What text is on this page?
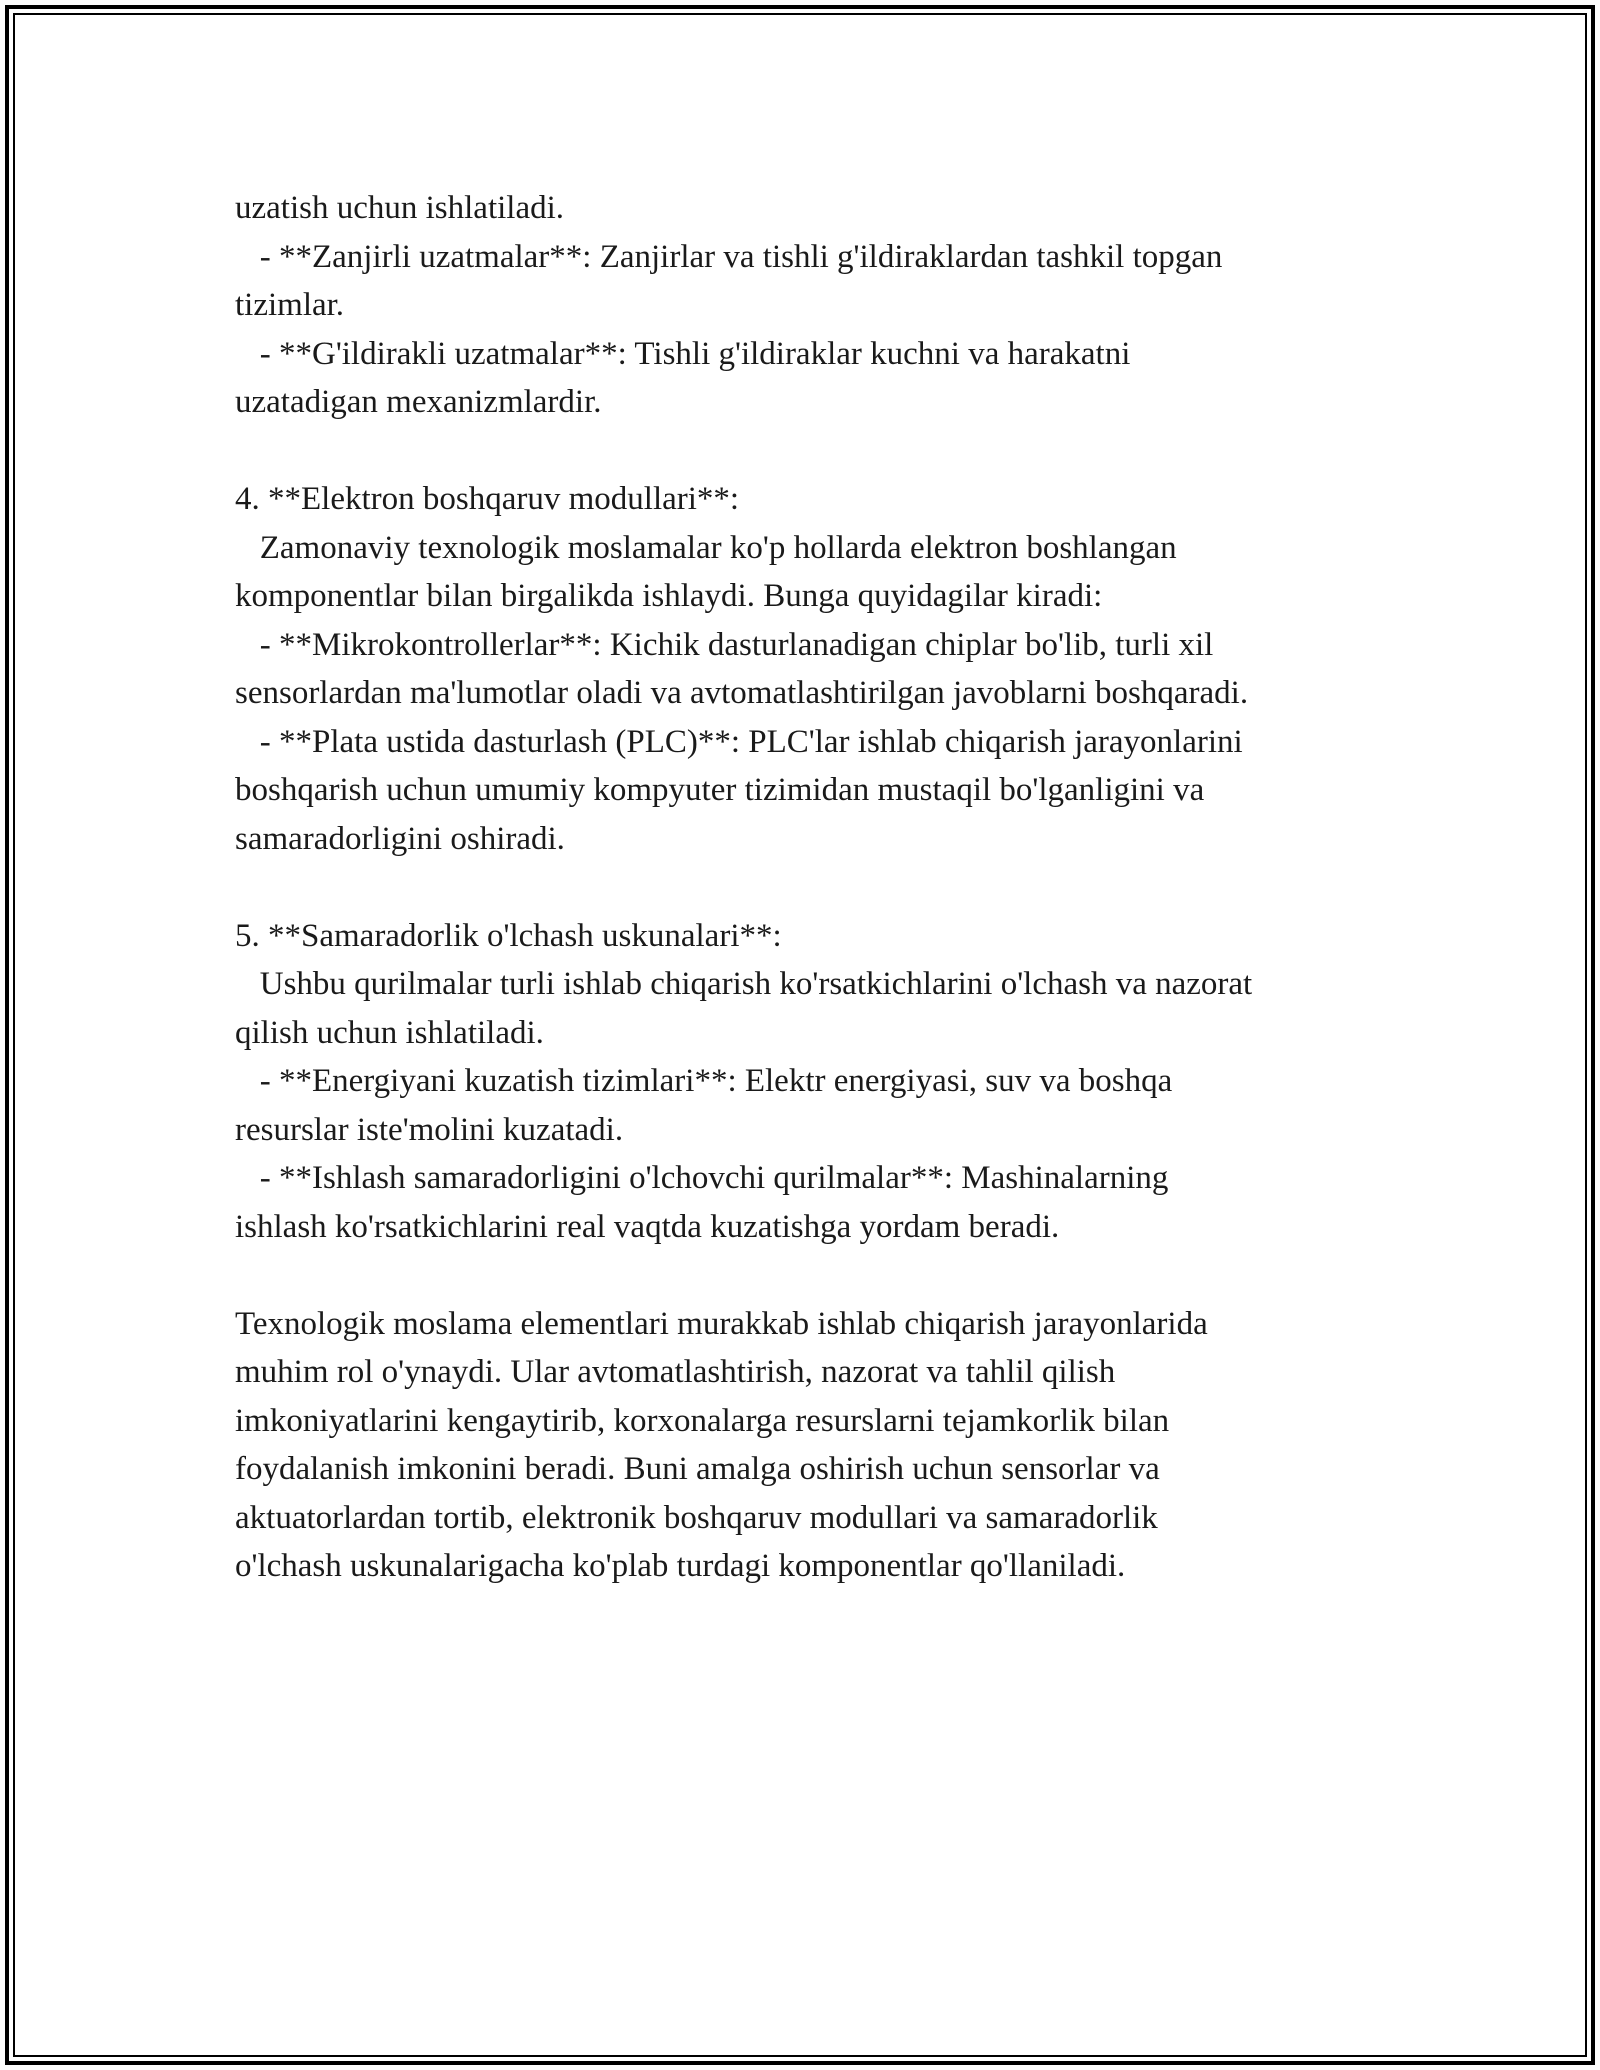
uzatish uchun ishlatiladi.
- **Zanjirli uzatmalar**: Zanjirlar va tishli g'ildiraklardan tashkil topgan
tizimlar.
- **G'ildirakli uzatmalar**: Tishli g'ildiraklar kuchni va harakatni
uzatadigan mexanizmlardir.
4. **Elektron boshqaruv modullari**:
Zamonaviy texnologik moslamalar ko'p hollarda elektron boshlangan
komponentlar bilan birgalikda ishlaydi. Bunga quyidagilar kiradi:
- **Mikrokontrollerlar**: Kichik dasturlanadigan chiplar bo'lib, turli xil
sensorlardan ma'lumotlar oladi va avtomatlashtirilgan javoblarni boshqaradi.
- **Plata ustida dasturlash (PLC)**: PLC'lar ishlab chiqarish jarayonlarini
boshqarish uchun umumiy kompyuter tizimidan mustaqil bo'lganligini va
samaradorligini oshiradi.
5. **Samaradorlik o'lchash uskunalari**:
Ushbu qurilmalar turli ishlab chiqarish ko'rsatkichlarini o'lchash va nazorat
qilish uchun ishlatiladi.
- **Energiyani kuzatish tizimlari**: Elektr energiyasi, suv va boshqa
resurslar iste'molini kuzatadi.
- **Ishlash samaradorligini o'lchovchi qurilmalar**: Mashinalarning
ishlash ko'rsatkichlarini real vaqtda kuzatishga yordam beradi.
Texnologik moslama elementlari murakkab ishlab chiqarish jarayonlarida
muhim rol o'ynaydi. Ular avtomatlashtirish, nazorat va tahlil qilish
imkoniyatlarini kengaytirib, korxonalarga resurslarni tejamkorlik bilan
foydalanish imkonini beradi. Buni amalga oshirish uchun sensorlar va
aktuatorlardan tortib, elektronik boshqaruv modullari va samaradorlik
o'lchash uskunalarigacha ko'plab turdagi komponentlar qo'llaniladi.
